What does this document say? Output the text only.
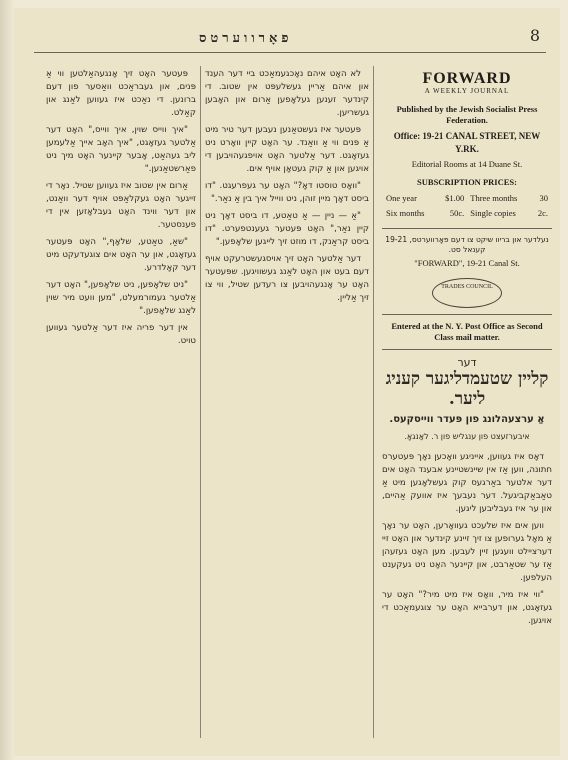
פאָרווערטס	8
FORWARD
A WEEKLY JOURNAL
Published by the Jewish Socialist Press Federation.
Office: 19-21 CANAL STREET, NEW Y.RK.
Editorial Rooms at 14 Duane St.
SUBSCRIPTION PRICES:
One year	$1.00	Three months	30
Six months	50c.	Single copies	2c.
נעלדער און בריוו שיקט צו דעם פאָרווערטס, 19-21 קענאל סט.
"FORWARD", 19-21 Canal St.
TRADES COUNCIL
Entered at the N. Y. Post Office as Second Class mail matter.
דער
קליין שטעמדליגער קעניג ליער.
אַ ערצעהלונג פון פּעדר ווייסקעס.
איבערזעצט פון ענגליש פון ר. לאַנגאָ.

דאָס איז געווען, אייניגע וואָכען נאָך פּעטערס חתונה, ווען אַז אין שיינשטיינע אבענד האָט אים דער אלטער באַרגעס קוק געשלאָגען מיט אַ טאַבאַקביגעל. דער נעבעך איז אוועק אַהיים, און ער איז געבליבען ליגען.

ווען אים איז שלעכט געוואָרען, האָט ער נאָך אַ מאָל גערופען צו זיך זיינע קינדער און האָט זיי דערציילט וועגען זיין לעבען. מען האָט געזעהן אַז ער שטאַרבט, און קיינער האָט ניט געקענט העלפען.

"ווי איז מיר, וואָס איז מיט מיר?" האָט ער געזאָגט, און דערבייא האָט ער צוגעמאַכט די אויגען.

לא האָט איהם נאָכגעמאַכט ביי דער הענד און איהם אַריין געשלעפּט אין שטוב. די קינדער זענען געלאָפען אַרום און האָבען געשריען.

פּעטער איז געשטאַנען נעבען דער טיר מיט אַ פּנים ווי אַ וואַנד. ער האָט קיין וואָרט ניט געזאָגט. דער אַלטער האָט אויפגעהויבען די אויגען און אַ קוק געטאָן אויף אים.

"וואָס טוסטו דאָ?" האָט ער געפרעגט. "דו ביסט דאָך מיין זוהן, ניט ווייל איך בין אַ נאַר."

"אַ — ניין — אַ טאַטע, דו ביסט דאָך ניט קיין נאַר," האָט פּעטער געענטפערט. "דו ביסט קראַנק, דו מוזט זיך לייגען שלאָפען."

דער אַלטער האָט זיך אויסגעשטרעקט אויף דעם בעט און האָט לאַנג געשוויגען. שפּעטער האָט ער אָנגעהויבען צו רעדען שטיל, ווי צו זיך אַליין.

פּעטער האָט זיך אָנגעהאַלטען ווי אַ פּנים, און געבראַכט וואַסער פון דעם ברונען. די נאַכט איז געווען לאַנג און קאַלט.

"איך ווייס שוין, איך ווייס," האָט דער אַלטער געזאָגט, "איך האָב אייך אַלעמען ליב געהאַט, אָבער קיינער האָט מיך ניט פאַרשטאַנען."

אַרום אין שטוב איז געווען שטיל. נאָר די זייגער האָט געקלאַפּט אויף דער וואַנט, און דער ווינד האָט געבלאָזען אין די פענסטער.

"שאַ, טאַטע, שלאָף," האָט פּעטער געזאָגט, און ער האָט אים צוגעדעקט מיט דער קאָלדרע.

"ניט שלאָפען, ניט שלאָפען," האָט דער אַלטער געמורמעלט, "מען וועט מיר שוין לאַנג שלאָפען."

אין דער פריה איז דער אַלטער געווען טויט.
